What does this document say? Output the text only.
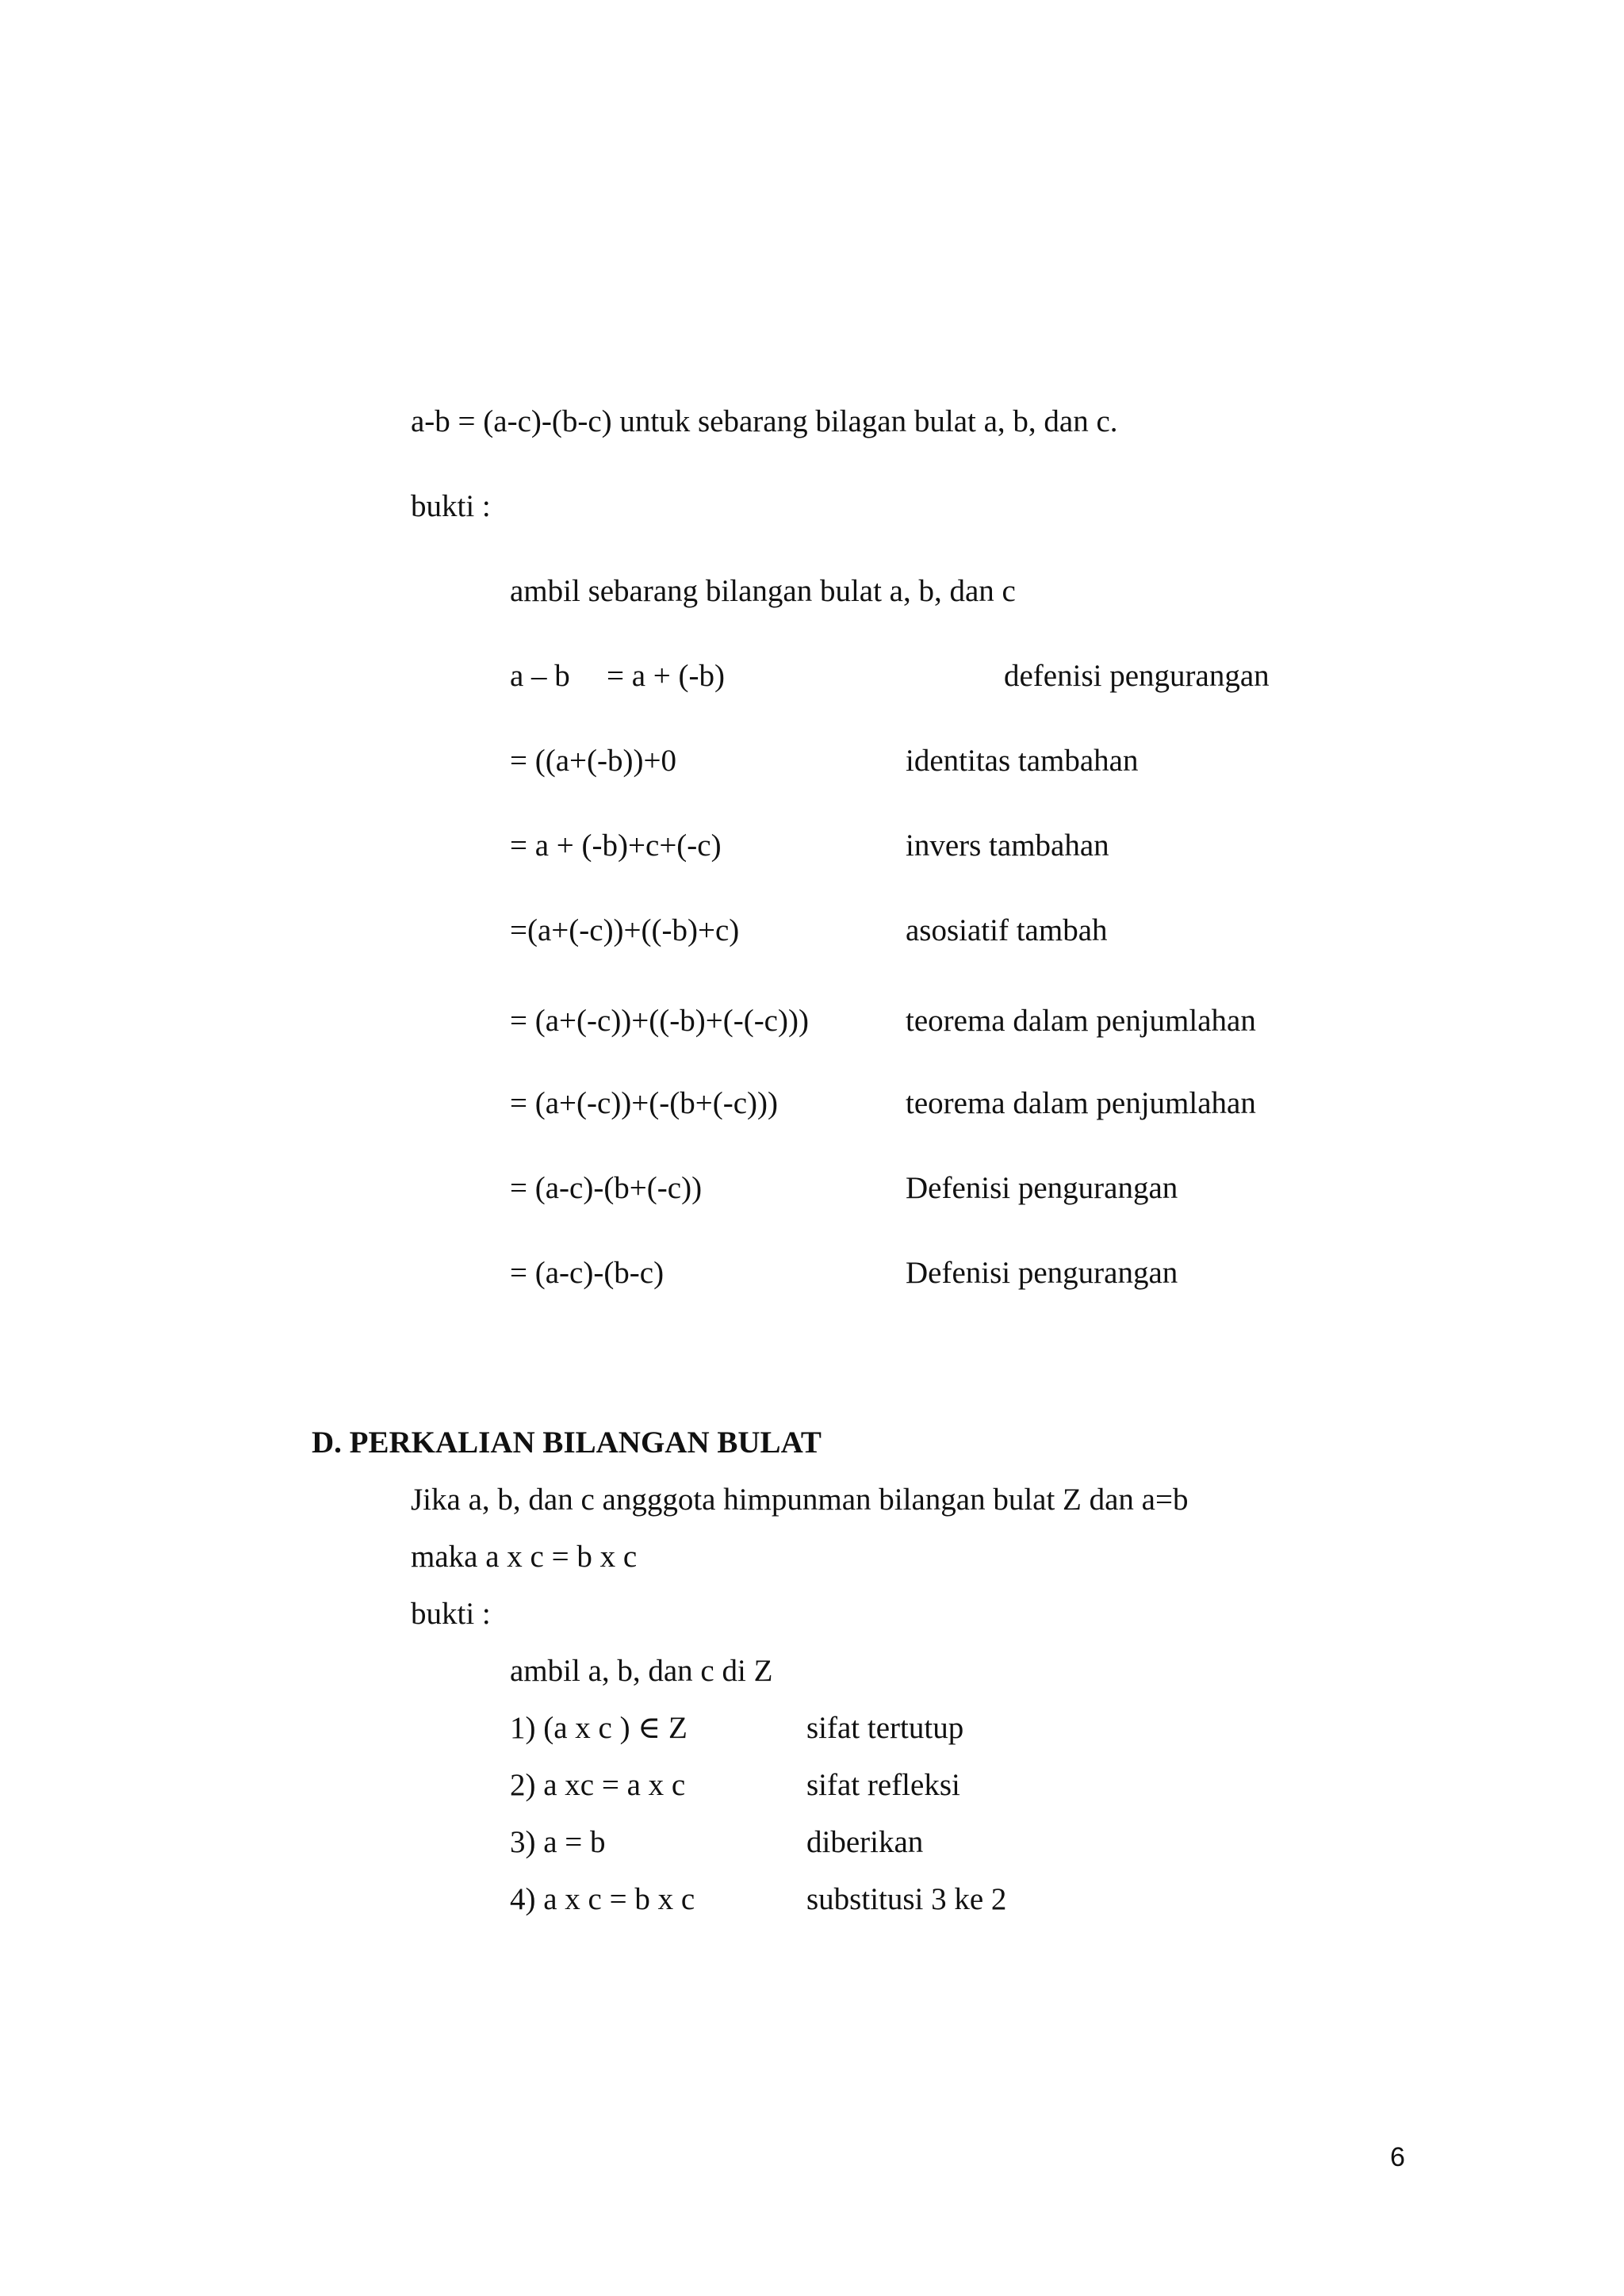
a-b = (a-c)-(b-c) untuk sebarang bilagan bulat a, b, dan c.
bukti :
ambil sebarang bilangan bulat a, b, dan c
a – b = a + (-b)	defenisi pengurangan
= ((a+(-b))+0	identitas tambahan
= a + (-b)+c+(-c)	invers tambahan
=(a+(-c))+((-b)+c)	asosiatif tambah
= (a+(-c))+((-b)+(-(-c)))	teorema dalam penjumlahan
= (a+(-c))+(-(b+(-c)))	teorema dalam penjumlahan
= (a-c)-(b+(-c))	Defenisi pengurangan
= (a-c)-(b-c)	Defenisi pengurangan
D. PERKALIAN BILANGAN BULAT
Jika a, b, dan c angggota himpunman bilangan bulat Z dan a=b
maka a x c = b x c
bukti :
ambil a, b, dan c di Z
1) (a x c ) ∈ Z	sifat tertutup
2) a xc = a x c	sifat refleksi
3) a = b	diberikan
4) a x c = b x c	substitusi 3 ke 2
6
